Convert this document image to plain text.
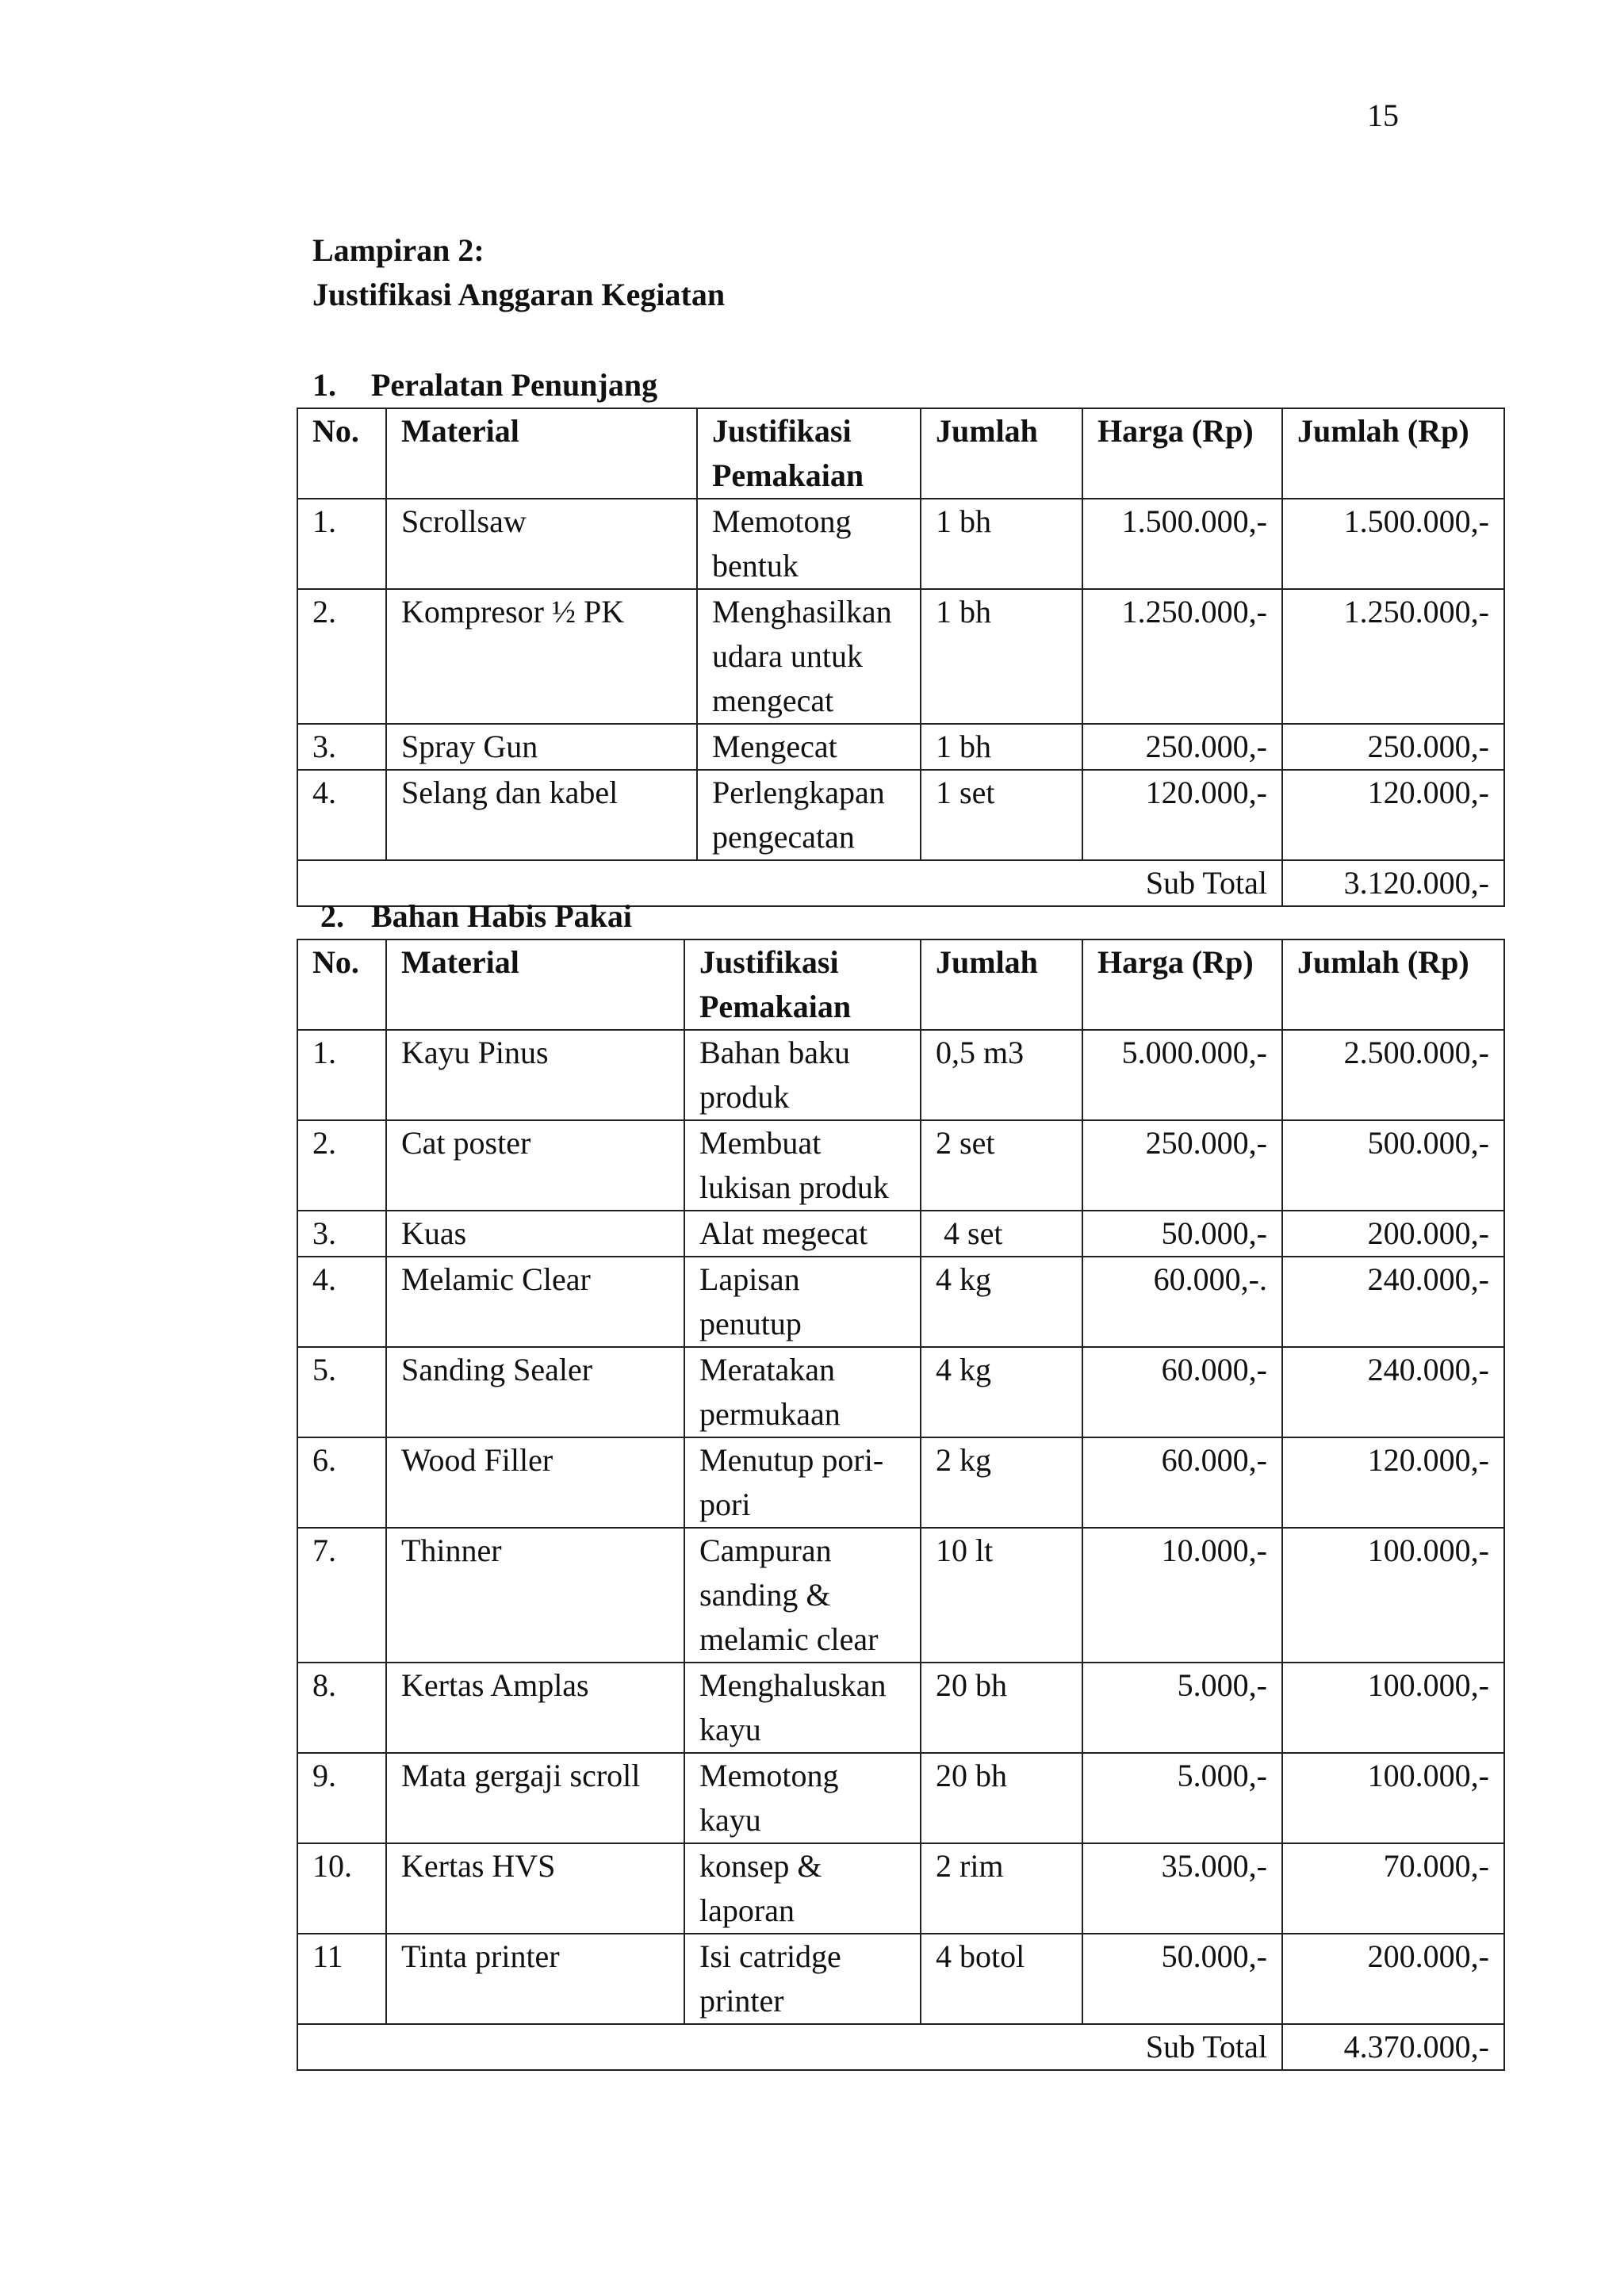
15
Lampiran 2:
Justifikasi Anggaran Kegiatan
1. Peralatan Penunjang
No.	Material	Justifikasi Pemakaian	Jumlah	Harga (Rp)	Jumlah (Rp)
1.	Scrollsaw	Memotong bentuk	1 bh	1.500.000,-	1.500.000,-
2.	Kompresor ½ PK	Menghasilkan udara untuk mengecat	1 bh	1.250.000,-	1.250.000,-
3.	Spray Gun	Mengecat	1 bh	250.000,-	250.000,-
4.	Selang dan kabel	Perlengkapan pengecatan	1 set	120.000,-	120.000,-
Sub Total					3.120.000,-
2. Bahan Habis Pakai
No.	Material	Justifikasi Pemakaian	Jumlah	Harga (Rp)	Jumlah (Rp)
1.	Kayu Pinus	Bahan baku produk	0,5 m3	5.000.000,-	2.500.000,-
2.	Cat poster	Membuat lukisan produk	2 set	250.000,-	500.000,-
3.	Kuas	Alat megecat	4 set	50.000,-	200.000,-
4.	Melamic Clear	Lapisan penutup	4 kg	60.000,-.	240.000,-
5.	Sanding Sealer	Meratakan permukaan	4 kg	60.000,-	240.000,-
6.	Wood Filler	Menutup pori-pori	2 kg	60.000,-	120.000,-
7.	Thinner	Campuran sanding & melamic clear	10 lt	10.000,-	100.000,-
8.	Kertas Amplas	Menghaluskan kayu	20 bh	5.000,-	100.000,-
9.	Mata gergaji scroll	Memotong kayu	20 bh	5.000,-	100.000,-
10.	Kertas HVS	konsep & laporan	2 rim	35.000,-	70.000,-
11	Tinta printer	Isi catridge printer	4 botol	50.000,-	200.000,-
Sub Total					4.370.000,-
